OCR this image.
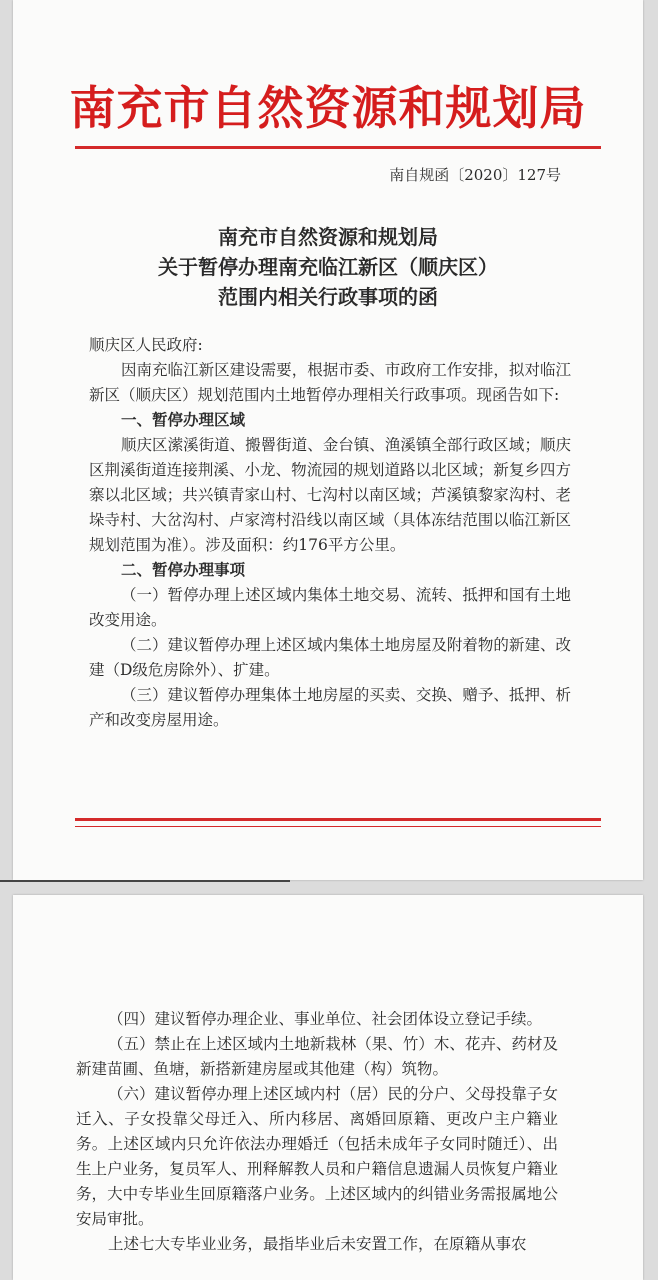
南充市自然资源和规划局
南自规函〔2020〕127号
南充市自然资源和规划局
关于暂停办理南充临江新区（顺庆区）
范围内相关行政事项的函

顺庆区人民政府:

因南充临江新区建设需要，根据市委、市政府工作安排，拟对临江新区（顺庆区）规划范围内土地暂停办理相关行政事项。现函告如下:

一、暂停办理区域

顺庆区潆溪街道、搬罾街道、金台镇、渔溪镇全部行政区域；顺庆区荆溪街道连接荆溪、小龙、物流园的规划道路以北区域；新复乡四方寨以北区域；共兴镇青家山村、七沟村以南区域；芦溪镇黎家沟村、老垛寺村、大岔沟村、卢家湾村沿线以南区域（具体冻结范围以临江新区规划范围为准）。涉及面积：约176平方公里。

二、暂停办理事项

（一）暂停办理上述区域内集体土地交易、流转、抵押和国有土地改变用途。

（二）建议暂停办理上述区域内集体土地房屋及附着物的新建、改建（D级危房除外）、扩建。

（三）建议暂停办理集体土地房屋的买卖、交换、赠予、抵押、析产和改变房屋用途。

（四）建议暂停办理企业、事业单位、社会团体设立登记手续。

（五）禁止在上述区域内土地新栽林（果、竹）木、花卉、药材及新建苗圃、鱼塘，新搭新建房屋或其他建（构）筑物。

（六）建议暂停办理上述区域内村（居）民的分户、父母投靠子女迁入、子女投靠父母迁入、所内移居、离婚回原籍、更改户主户籍业务。上述区域内只允许依法办理婚迁（包括未成年子女同时随迁）、出生上户业务，复员军人、刑释解教人员和户籍信息遗漏人员恢复户籍业务，大中专毕业生回原籍落户业务。上述区域内的纠错业务需报属地公安局审批。

上述七大专毕业业务，最指毕业后未安置工作，在原籍从事农
